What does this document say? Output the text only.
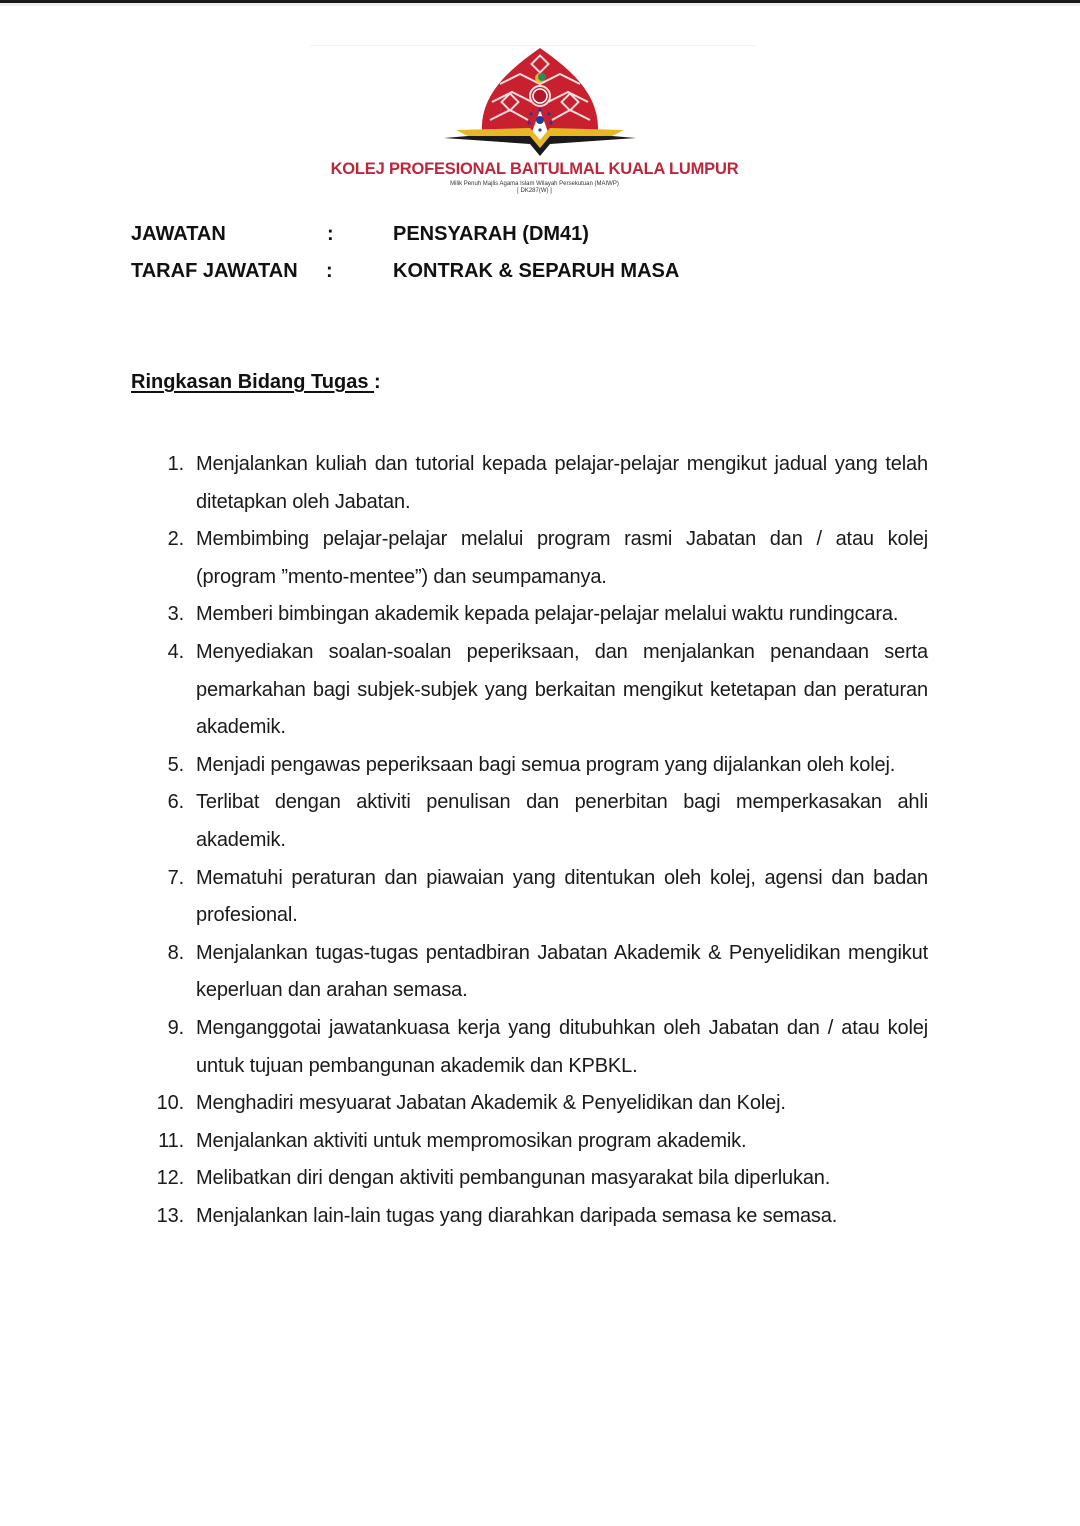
KOLEJ PROFESIONAL BAITULMAL KUALA LUMPUR
Milik Penuh Majlis Agama Islam Wilayah Persekutuan (MAIWP)
[ DK287(W) ]
JAWATAN	:	PENSYARAH (DM41)
TARAF JAWATAN :	KONTRAK & SEPARUH MASA
Ringkasan Bidang Tugas :
1. Menjalankan kuliah dan tutorial kepada pelajar-pelajar mengikut jadual yang telah ditetapkan oleh Jabatan.
2. Membimbing pelajar-pelajar melalui program rasmi Jabatan dan / atau kolej (program ”mento-mentee”) dan seumpamanya.
3. Memberi bimbingan akademik kepada pelajar-pelajar melalui waktu rundingcara.
4. Menyediakan soalan-soalan peperiksaan, dan menjalankan penandaan serta pemarkahan bagi subjek-subjek yang berkaitan mengikut ketetapan dan peraturan akademik.
5. Menjadi pengawas peperiksaan bagi semua program yang dijalankan oleh kolej.
6. Terlibat dengan aktiviti penulisan dan penerbitan bagi memperkasakan ahli akademik.
7. Mematuhi peraturan dan piawaian yang ditentukan oleh kolej, agensi dan badan profesional.
8. Menjalankan tugas-tugas pentadbiran Jabatan Akademik & Penyelidikan mengikut keperluan dan arahan semasa.
9. Menganggotai jawatankuasa kerja yang ditubuhkan oleh Jabatan dan / atau kolej untuk tujuan pembangunan akademik dan KPBKL.
10. Menghadiri mesyuarat Jabatan Akademik & Penyelidikan dan Kolej.
11. Menjalankan aktiviti untuk mempromosikan program akademik.
12. Melibatkan diri dengan aktiviti pembangunan masyarakat bila diperlukan.
13. Menjalankan lain-lain tugas yang diarahkan daripada semasa ke semasa.
